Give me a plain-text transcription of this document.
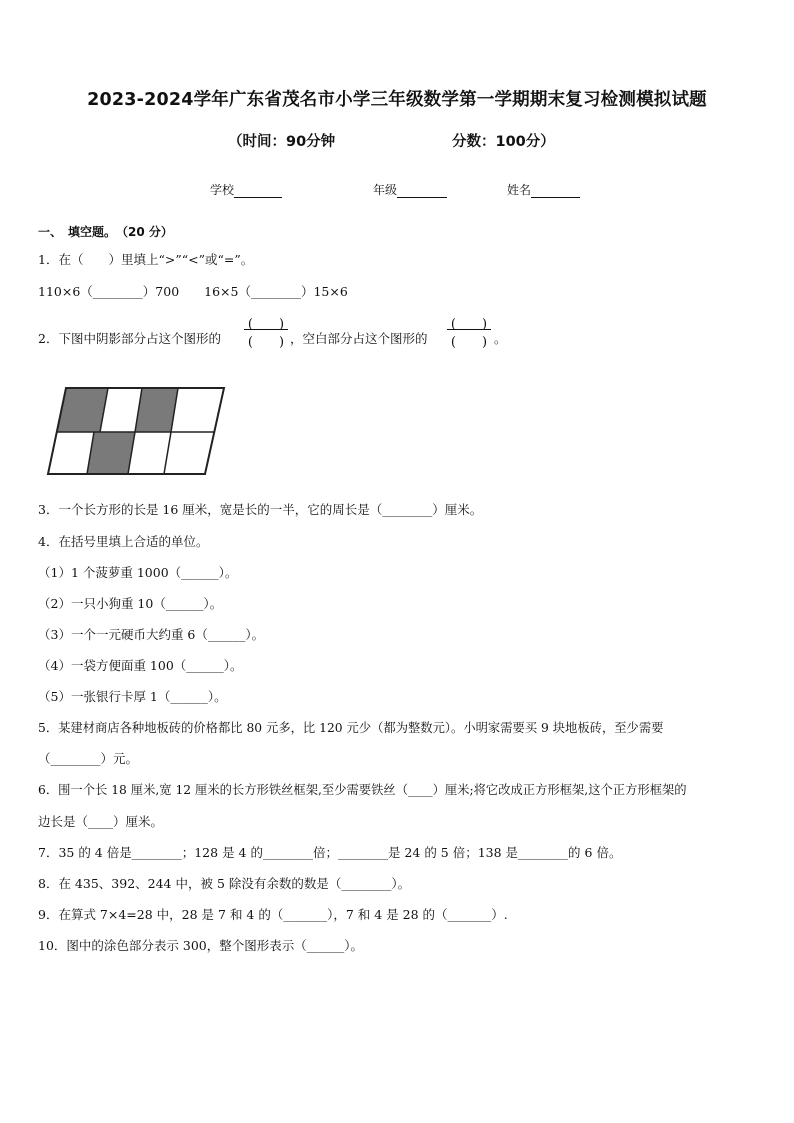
2023-2024学年广东省茂名市小学三年级数学第一学期期末复习检测模拟试题
（时间：90分钟	分数：100分）
学校	年级	姓名
一、　填空题。　（20 分）
1．在（　　）里填上“>”“<”或“=”。
110×6（________）700　　16×5（________）15×6
2．下图中阴影部分占这个图形的
(　　)
(　　) ，空白部分占这个图形的
(　　)
(　　) 。
3．一个长方形的长是 16 厘米，宽是长的一半，它的周长是（________）厘米。
4．在括号里填上合适的单位。
（1）1 个菠萝重 1000（______）。
（2）一只小狗重 10（______）。
（3）一个一元硬币大约重 6（______）。
（4）一袋方便面重 100（______）。
（5）一张银行卡厚 1（______）。
5．某建材商店各种地板砖的价格都比 80 元多，比 120 元少（都为整数元）。小明家需要买 9 块地板砖，至少需要
（________）元。
6．围一个长 18 厘米,宽 12 厘米的长方形铁丝框架,至少需要铁丝（____）厘米;将它改成正方形框架,这个正方形框架的
边长是（____）厘米。
7．35 的 4 倍是________；128 是 4 的________倍；________是 24 的 5 倍；138 是________的 6 倍。
8．在 435、392、244 中，被 5 除没有余数的数是（________）。
9．在算式 7×4=28 中，28 是 7 和 4 的（_______），7 和 4 是 28 的（_______）.
10．图中的涂色部分表示 300，整个图形表示（______）。
